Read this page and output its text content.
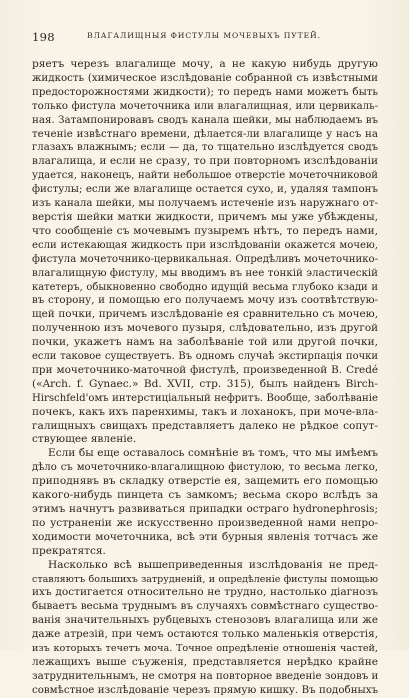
198	ВЛАГАЛИЩНЫЯ ФИСТУЛЫ МОЧЕВЫХЪ ПУТЕЙ.
ряетъ черезъ влагалище мочу, а не какую нибудь другую
жидкость (химическое изслѣдованіе собранной съ извѣстными
предосторожностями жидкости); то передъ нами можетъ быть
только фистула мочеточника или влагалищная, или цервикаль-
ная. Затампонировавъ сводъ канала шейки, мы наблюдаемъ въ
теченіе извѣстнаго времени, дѣлается-ли влагалище у насъ на
глазахъ влажнымъ; если — да, то тщательно изслѣдуется сводъ
влагалища, и если не сразу, то при повторномъ изслѣдованіи
удается, наконецъ, найти небольшое отверстіе мочеточниковой
фистулы; если же влагалище остается сухо, и, удаляя тампонъ
изъ канала шейки, мы получаемъ истеченіе изъ наружнаго от-
верстія шейки матки жидкости, причемъ мы уже убѣждены,
что сообщеніе съ мочевымъ пузыремъ нѣтъ, то передъ нами,
если истекающая жидкость при изслѣдованіи окажется мочею,
фистула мочеточнико-цервикальная. Опредѣливъ мочеточнико-
влагалищную фистулу, мы вводимъ въ нее тонкій эластическій
катетеръ, обыкновенно свободно идущій весьма глубоко кзади и
въ сторону, и помощью его получаемъ мочу изъ соотвѣтствую-
щей почки, причемъ изслѣдованіе ея сравнительно съ мочею,
полученною изъ мочевого пузыря, слѣдовательно, изъ другой
почки, укажетъ намъ на заболѣваніе той или другой почки,
если таковое существуетъ. Въ одномъ случаѣ экстирпація почки
при мочеточнико-маточной фистулѣ, произведенной B. Credé
(«Arch. f. Gynaec.» Bd. XVII, стр. 315), былъ найденъ Birch-
Hirschfeld'омъ интерстиціальный нефритъ. Вообще, заболѣваніе
почекъ, какъ ихъ паренхимы, такъ и лоханокъ, при моче-вла-
галищныхъ свищахъ представляетъ далеко не рѣдкое сопут-
ствующее явленіе.
Если бы еще оставалось сомнѣніе въ томъ, что мы имѣемъ
дѣло съ мочеточнико-влагалищною фистулою, то весьма легко,
приподнявъ въ складку отверстіе ея, защемить его помощью
какого-нибудь пинцета съ замкомъ; весьма скоро вслѣдъ за
этимъ начнутъ развиваться припадки остраго hydronephrosis;
по устраненіи же искусственно произведенной нами непро-
ходимости мочеточника, всѣ эти бурныя явленія тотчасъ же
прекратятся.
Насколько всѣ вышеприведенныя изслѣдованія не пред-
ставляютъ большихъ затрудненій, и опредѣленіе фистулы помощью
ихъ достигается относительно не трудно, настолько діагнозъ
бываетъ весьма труднымъ въ случаяхъ совмѣстнаго существо-
ванія значительныхъ рубцевыхъ стенозовъ влагалища или же
даже атрезій, при чемъ остаются только маленькія отверстія,
изъ которыхъ течетъ моча. Точное опредѣленіе отношенія частей,
лежащихъ выше съуженія, представляется нерѣдко крайне
затруднительнымъ, не смотря на повторное введеніе зондовъ и
совмѣстное изслѣдованіе черезъ прямую кишку. Въ подобныхъ
